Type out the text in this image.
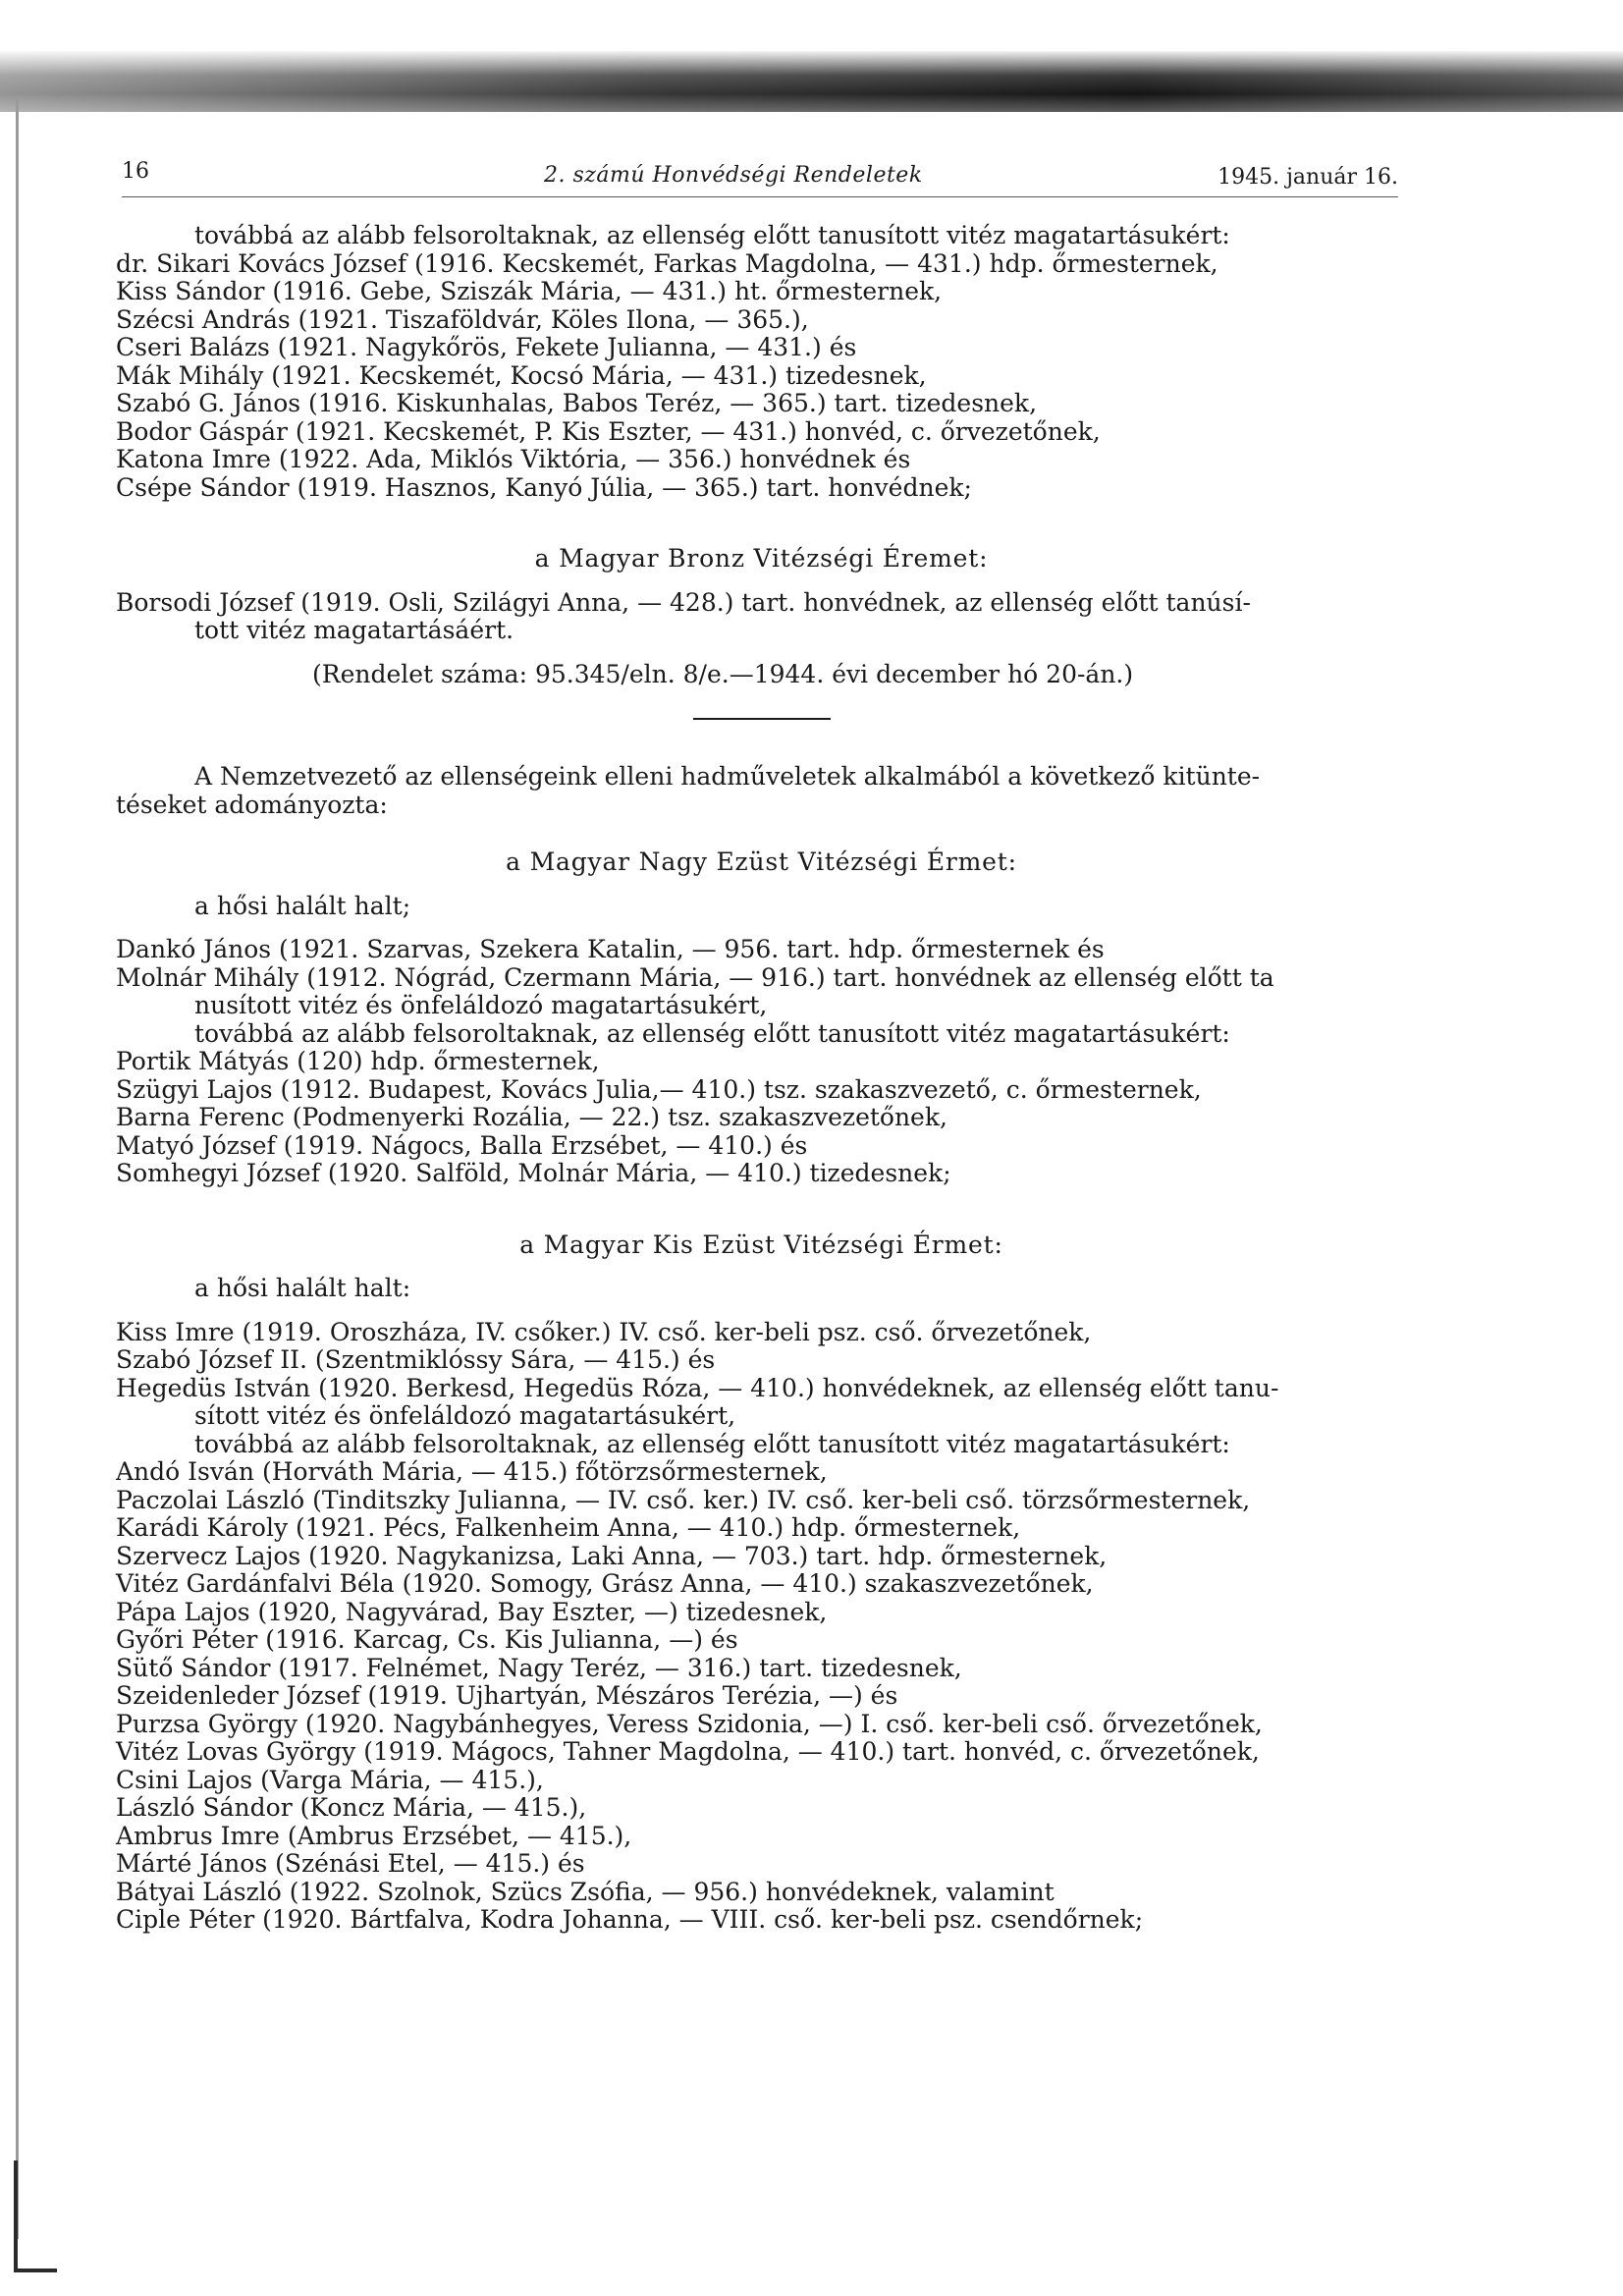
16	2. számú Honvédségi Rendeletek	1945. január 16.
továbbá az alább felsoroltaknak, az ellenség előtt tanusított vitéz magatartásukért:
dr. Sikari Kovács József (1916. Kecskemét, Farkas Magdolna, — 431.) hdp. őrmesternek,
Kiss Sándor (1916. Gebe, Sziszák Mária, — 431.) ht. őrmesternek,
Szécsi András (1921. Tiszaföldvár, Köles Ilona, — 365.),
Cseri Balázs (1921. Nagykőrös, Fekete Julianna, — 431.) és
Mák Mihály (1921. Kecskemét, Kocsó Mária, — 431.) tizedesnek,
Szabó G. János (1916. Kiskunhalas, Babos Teréz, — 365.) tart. tizedesnek,
Bodor Gáspár (1921. Kecskemét, P. Kis Eszter, — 431.) honvéd, c. őrvezetőnek,
Katona Imre (1922. Ada, Miklós Viktória, — 356.) honvédnek és
Csépe Sándor (1919. Hasznos, Kanyó Júlia, — 365.) tart. honvédnek;
a Magyar Bronz Vitézségi Éremet:
Borsodi József (1919. Osli, Szilágyi Anna, — 428.) tart. honvédnek, az ellenség előtt tanúsí-
tott vitéz magatartásáért.
(Rendelet száma: 95.345/eln. 8/e.—1944. évi december hó 20-án.)
A Nemzetvezető az ellenségeink elleni hadműveletek alkalmából a következő kitünte-
téseket adományozta:
a Magyar Nagy Ezüst Vitézségi Érmet:
a hősi halált halt;
Dankó János (1921. Szarvas, Szekera Katalin, — 956. tart. hdp. őrmesternek és
Molnár Mihály (1912. Nógrád, Czermann Mária, — 916.) tart. honvédnek az ellenség előtt ta
nusított vitéz és önfeláldozó magatartásukért,
továbbá az alább felsoroltaknak, az ellenség előtt tanusított vitéz magatartásukért:
Portik Mátyás (120) hdp. őrmesternek,
Szügyi Lajos (1912. Budapest, Kovács Julia,— 410.) tsz. szakaszvezető, c. őrmesternek,
Barna Ferenc (Podmenyerki Rozália, — 22.) tsz. szakaszvezetőnek,
Matyó József (1919. Nágocs, Balla Erzsébet, — 410.) és
Somhegyi József (1920. Salföld, Molnár Mária, — 410.) tizedesnek;
a Magyar Kis Ezüst Vitézségi Érmet:
a hősi halált halt:
Kiss Imre (1919. Oroszháza, IV. csőker.) IV. cső. ker-beli psz. cső. őrvezetőnek,
Szabó József II. (Szentmiklóssy Sára, — 415.) és
Hegedüs István (1920. Berkesd, Hegedüs Róza, — 410.) honvédeknek, az ellenség előtt tanu-
sított vitéz és önfeláldozó magatartásukért,
továbbá az alább felsoroltaknak, az ellenség előtt tanusított vitéz magatartásukért:
Andó Isván (Horváth Mária, — 415.) főtörzsőrmesternek,
Paczolai László (Tinditszky Julianna, — IV. cső. ker.) IV. cső. ker-beli cső. törzsőrmesternek,
Karádi Károly (1921. Pécs, Falkenheim Anna, — 410.) hdp. őrmesternek,
Szervecz Lajos (1920. Nagykanizsa, Laki Anna, — 703.) tart. hdp. őrmesternek,
Vitéz Gardánfalvi Béla (1920. Somogy, Grász Anna, — 410.) szakaszvezetőnek,
Pápa Lajos (1920, Nagyvárad, Bay Eszter, —) tizedesnek,
Győri Péter (1916. Karcag, Cs. Kis Julianna, —) és
Sütő Sándor (1917. Felnémet, Nagy Teréz, — 316.) tart. tizedesnek,
Szeidenleder József (1919. Ujhartyán, Mészáros Terézia, —) és
Purzsa György (1920. Nagybánhegyes, Veress Szidonia, —) I. cső. ker-beli cső. őrvezetőnek,
Vitéz Lovas György (1919. Mágocs, Tahner Magdolna, — 410.) tart. honvéd, c. őrvezetőnek,
Csini Lajos (Varga Mária, — 415.),
László Sándor (Koncz Mária, — 415.),
Ambrus Imre (Ambrus Erzsébet, — 415.),
Márté János (Szénási Etel, — 415.) és
Bátyai László (1922. Szolnok, Szücs Zsófia, — 956.) honvédeknek, valamint
Ciple Péter (1920. Bártfalva, Kodra Johanna, — VIII. cső. ker-beli psz. csendőrnek;
